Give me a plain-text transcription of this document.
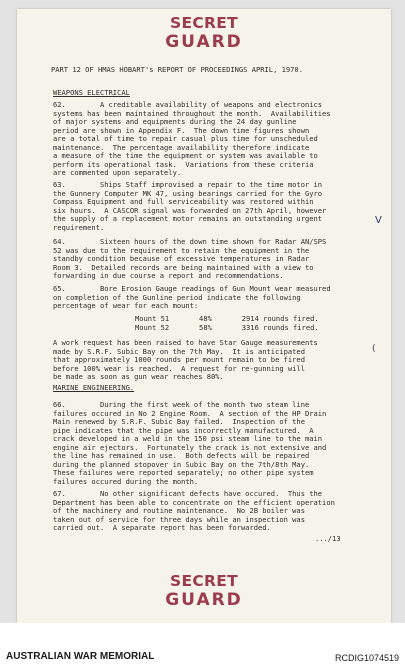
SECRET
GUARD
PART 12 OF HMAS HOBART's REPORT OF PROCEEDINGS APRIL, 1970.
WEAPONS ELECTRICAL
62.        A creditable availability of weapons and electronics
systems has been maintained throughout the month.  Availabilities
of major systems and equipments during the 24 day gunline
period are shown in Appendix F.  The down time figures shown
are a total of time to repair casual plus time for unscheduled
maintenance.  The percentage availability therefore indicate
a measure of the time the equipment or system was available to
perform its operational task.  Variations from these criteria
are commented upon separately.
63.        Ships Staff improvised a repair to the time motor in
the Gunnery Computer MK 47, using bearings carried for the Gyro
Compass Equipment and full serviceability was restored within
six hours.  A CASCOR signal was forwarded on 27th April, however
the supply of a replacement motor remains an outstanding urgent
requirement.
64.        Sixteen hours of the down time shown for Radar AN/SPS
52 was due to the requirement to retain the equipment in the
standby condition because of excessive temperatures in Radar
Room 3.  Detailed records are being maintained with a view to
forwarding in due course a report and recommendations.
65.        Bore Erosion Gauge readings of Gun Mount wear measured
on completion of the Gunline period indicate the following
percentage of wear for each mount:
Mount 51       48%       2914 rounds fired.
Mount 52       58%       3316 rounds fired.
A work request has been raised to have Star Gauge measurements
made by S.R.F. Subic Bay on the 7th May.  It is anticipated
that approximately 1000 rounds per mount remain to be fired
before 100% wear is reached.  A request for re-gunning will
be made as soon as gun wear reaches 80%.
MARINE ENGINEERING.
66.        During the first week of the month two steam line
failures occured in No 2 Engine Room.  A section of the HP Drain
Main renewed by S.R.F. Subic Bay failed.  Inspection of the
pipe indicates that the pipe was incorrectly manufactured.  A
crack developed in a weld in the 150 psi steam line to the main
engine air ejectors.  Fortunately the crack is not extensive and
the line has remained in use.  Both defects will be repaired
during the planned stopover in Subic Bay on the 7th/8th May.
These failures were reported separately; no other pipe system
failures occured during the month.
67.        No other significant defects have occured.  Thus the
Department has been able to concentrate on the efficient operation
of the machinery and routine maintenance.  No 2B boiler was
taken out of service for three days while an inspection was
carried out.  A separate report has been forwarded.
.../13
V
(
SECRET
GUARD
AUSTRALIAN WAR MEMORIAL	RCDIG1074519
